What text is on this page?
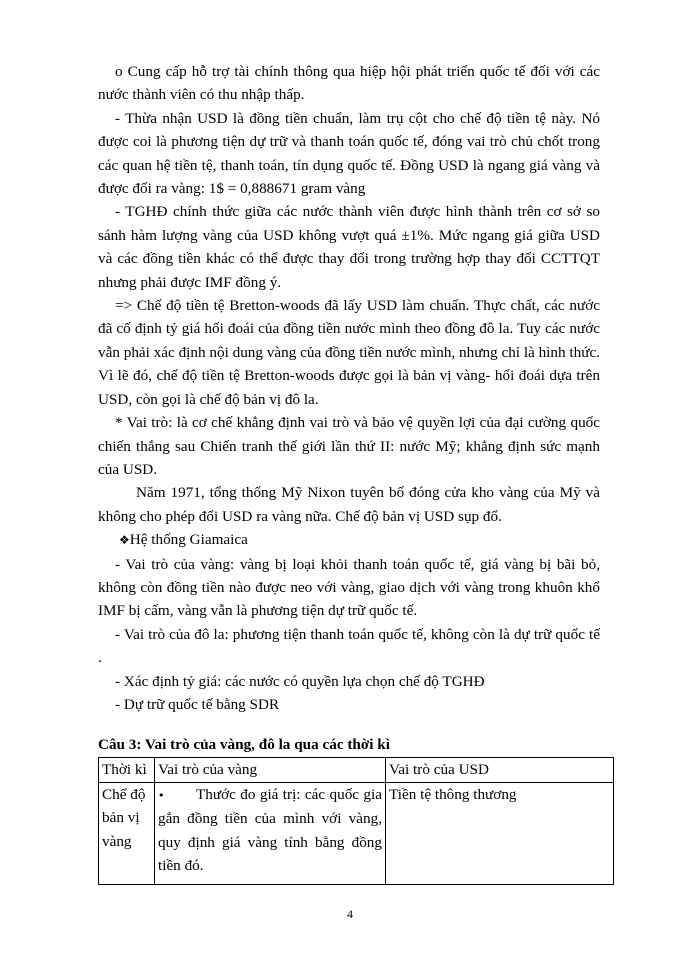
o Cung cấp hỗ trợ tài chính thông qua hiệp hội phát triển quốc tế đối với các nước thành viên có thu nhập thấp.

- Thừa nhận USD là đồng tiền chuẩn, làm trụ cột cho chế độ tiền tệ này. Nó được coi là phương tiện dự trữ và thanh toán quốc tế, đóng vai trò chủ chốt trong các quan hệ tiền tệ, thanh toán, tín dụng quốc tế. Đồng USD là ngang giá vàng và được đổi ra vàng: 1$ = 0,888671 gram vàng

- TGHĐ chính thức giữa các nước thành viên được hình thành trên cơ sở so sánh hàm lượng vàng của USD không vượt quá ±1%. Mức ngang giá giữa USD và các đồng tiền khác có thể được thay đổi trong trường hợp thay đổi CCTTQT nhưng phải được IMF đồng ý.

=> Chế độ tiền tệ Bretton-woods đã lấy USD làm chuẩn. Thực chất, các nước đã cố định tỷ giá hối đoái của đồng tiền nước mình theo đồng đô la. Tuy các nước vẫn phải xác định nội dung vàng của đồng tiền nước mình, nhưng chỉ là hình thức. Vì lẽ đó, chế độ tiền tệ Bretton-woods được gọi là bản vị vàng- hối đoái dựa trên USD, còn gọi là chế độ bản vị đô la.

* Vai trò: là cơ chế khẳng định vai trò và bảo vệ quyền lợi của đại cường quốc chiến thắng sau Chiến tranh thế giới lần thứ II: nước Mỹ; khẳng định sức mạnh của USD.

Năm 1971, tổng thống Mỹ Nixon tuyên bố đóng cửa kho vàng của Mỹ và không cho phép đổi USD ra vàng nữa. Chế độ bản vị USD sụp đổ.

❖Hệ thống Giamaica

- Vai trò của vàng: vàng bị loại khỏi thanh toán quốc tế, giá vàng bị bãi bỏ, không còn đồng tiền nào được neo với vàng, giao dịch với vàng trong khuôn khổ IMF bị cấm, vàng vẫn là phương tiện dự trữ quốc tế.

- Vai trò của đô la: phương tiện thanh toán quốc tế, không còn là dự trữ quốc tế .

- Xác định tỷ giá: các nước có quyền lựa chọn chế độ TGHĐ

- Dự trữ quốc tế bằng SDR

Câu 3: Vai trò của vàng, đô la qua các thời kì
Thời kì	Vai trò của vàng	Vai trò của USD
Chế độ bản vị vàng	• Thước đo giá trị: các quốc gia gắn đồng tiền của mình với vàng, quy định giá vàng tính bằng đồng tiền đó.	Tiền tệ thông thương
4
